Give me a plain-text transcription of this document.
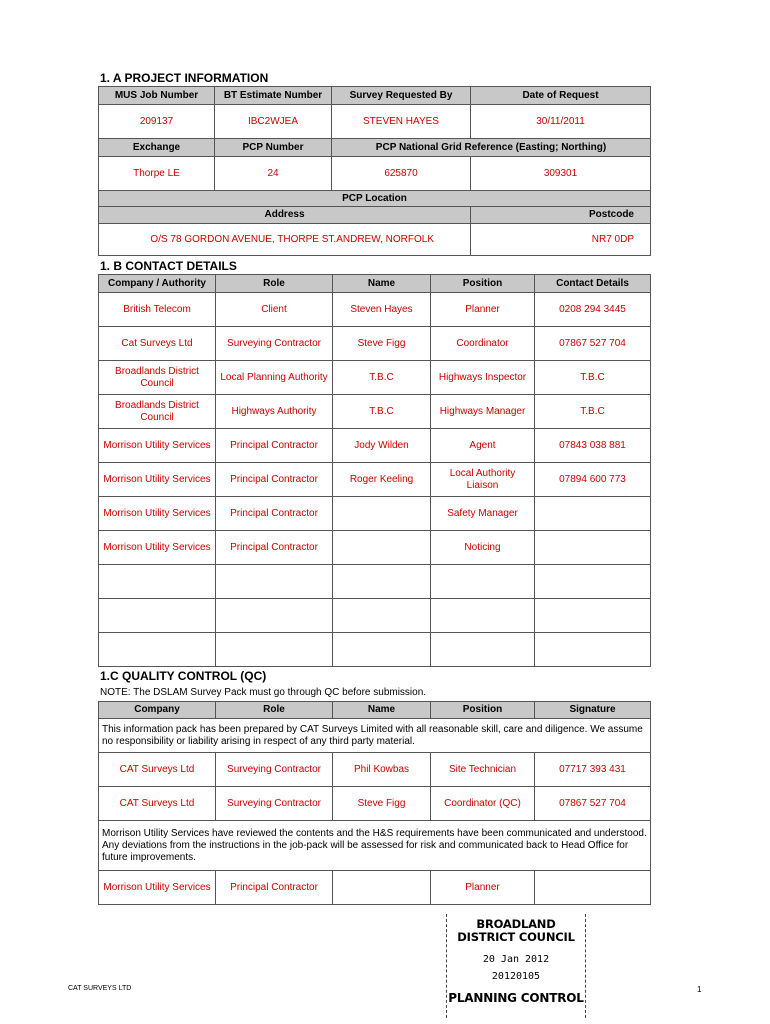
1. A PROJECT INFORMATION
MUS Job Number	BT Estimate Number	Survey Requested By	Date of Request
209137	IBC2WJEA	STEVEN HAYES	30/11/2011
Exchange	PCP Number	PCP National Grid Reference (Easting; Northing)	
Thorpe LE	24	625870	309301
PCP Location			
Address			Postcode
O/S 78 GORDON AVENUE, THORPE ST.ANDREW, NORFOLK			NR7 0DP
1. B CONTACT DETAILS
Company / Authority	Role	Name	Position	Contact Details
British Telecom	Client	Steven Hayes	Planner	0208 294 3445
Cat Surveys Ltd	Surveying Contractor	Steve Figg	Coordinator	07867 527 704
Broadlands District Council	Local Planning Authority	T.B.C	Highways Inspector	T.B.C
Broadlands District Council	Highways Authority	T.B.C	Highways Manager	T.B.C
Morrison Utility Services	Principal Contractor	Jody Wilden	Agent	07843 038 881
Morrison Utility Services	Principal Contractor	Roger Keeling	Local Authority Liaison	07894 600 773
Morrison Utility Services	Principal Contractor		Safety Manager	
Morrison Utility Services	Principal Contractor		Noticing	

1.C QUALITY CONTROL (QC)
NOTE: The DSLAM Survey Pack must go through QC before submission.
Company	Role	Name	Position	Signature
This information pack has been prepared by CAT Surveys Limited with all reasonable skill, care and diligence. We assume no responsibility or liability arising in respect of any third party material.				
CAT Surveys Ltd	Surveying Contractor	Phil Kowbas	Site Technician	07717 393 431
CAT Surveys Ltd	Surveying Contractor	Steve Figg	Coordinator (QC)	07867 527 704
Morrison Utility Services have reviewed the contents and the H&S requirements have been communicated and understood. Any deviations from the instructions in the job-pack will be assessed for risk and communicated back to Head Office for future improvements.				
Morrison Utility Services	Principal Contractor		Planner	
BROADLAND
DISTRICT COUNCIL
20 Jan 2012
20120105
PLANNING CONTROL
CAT SURVEYS LTD	1
